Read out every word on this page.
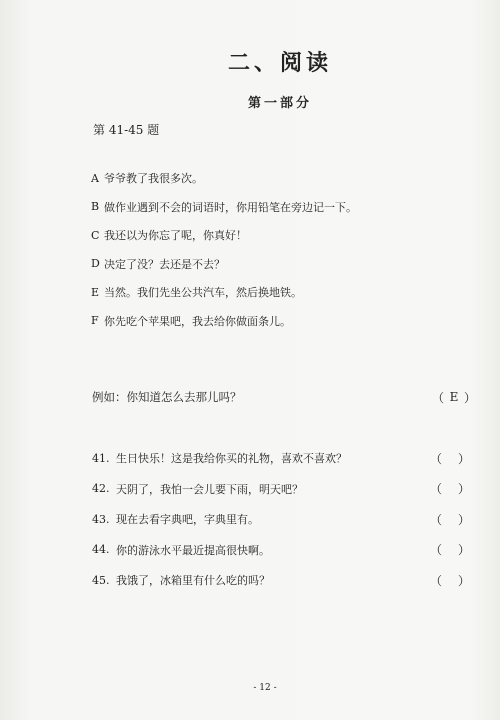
二、阅读
第一部分
第 41-45 题
A 爷爷教了我很多次。
B 做作业遇到不会的词语时，你用铅笔在旁边记一下。
C 我还以为你忘了呢，你真好！
D 决定了没？去还是不去？
E 当然。我们先坐公共汽车，然后换地铁。
F 你先吃个苹果吧，我去给你做面条儿。
例如：你知道怎么去那儿吗？	（ E ）
41. 生日快乐！这是我给你买的礼物，喜欢不喜欢？	（ ）
42. 天阴了，我怕一会儿要下雨，明天吧？	（ ）
43. 现在去看字典吧，字典里有。	（ ）
44. 你的游泳水平最近提高很快啊。	（ ）
45. 我饿了，冰箱里有什么吃的吗？	（ ）
- 12 -
